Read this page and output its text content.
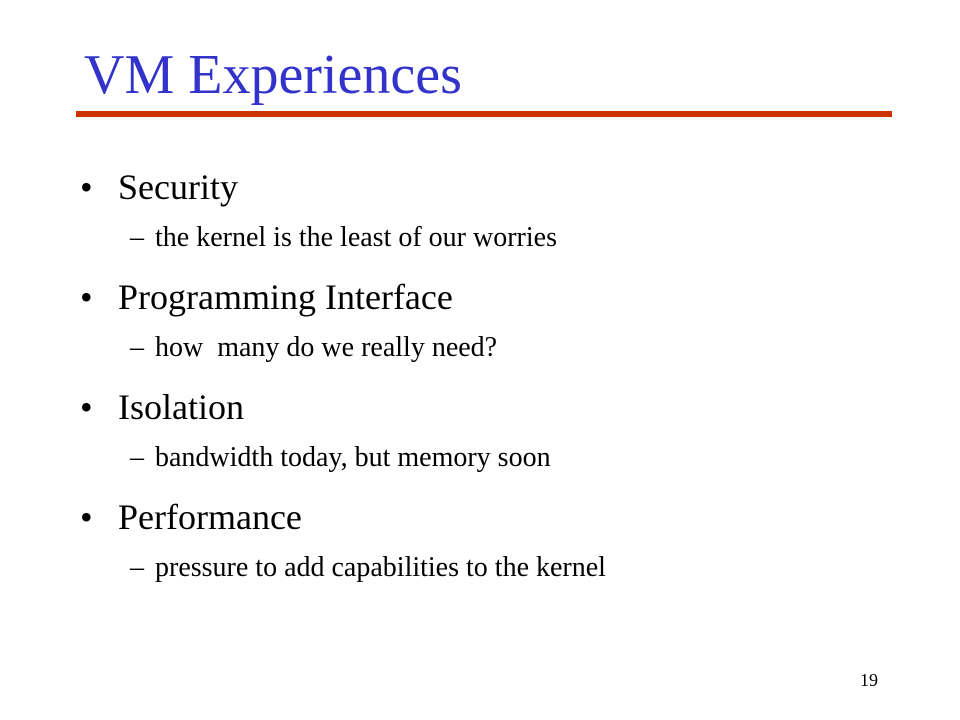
VM Experiences
• Security
– the kernel is the least of our worries
• Programming Interface
– how  many do we really need?
• Isolation
– bandwidth today, but memory soon
• Performance
– pressure to add capabilities to the kernel
19
